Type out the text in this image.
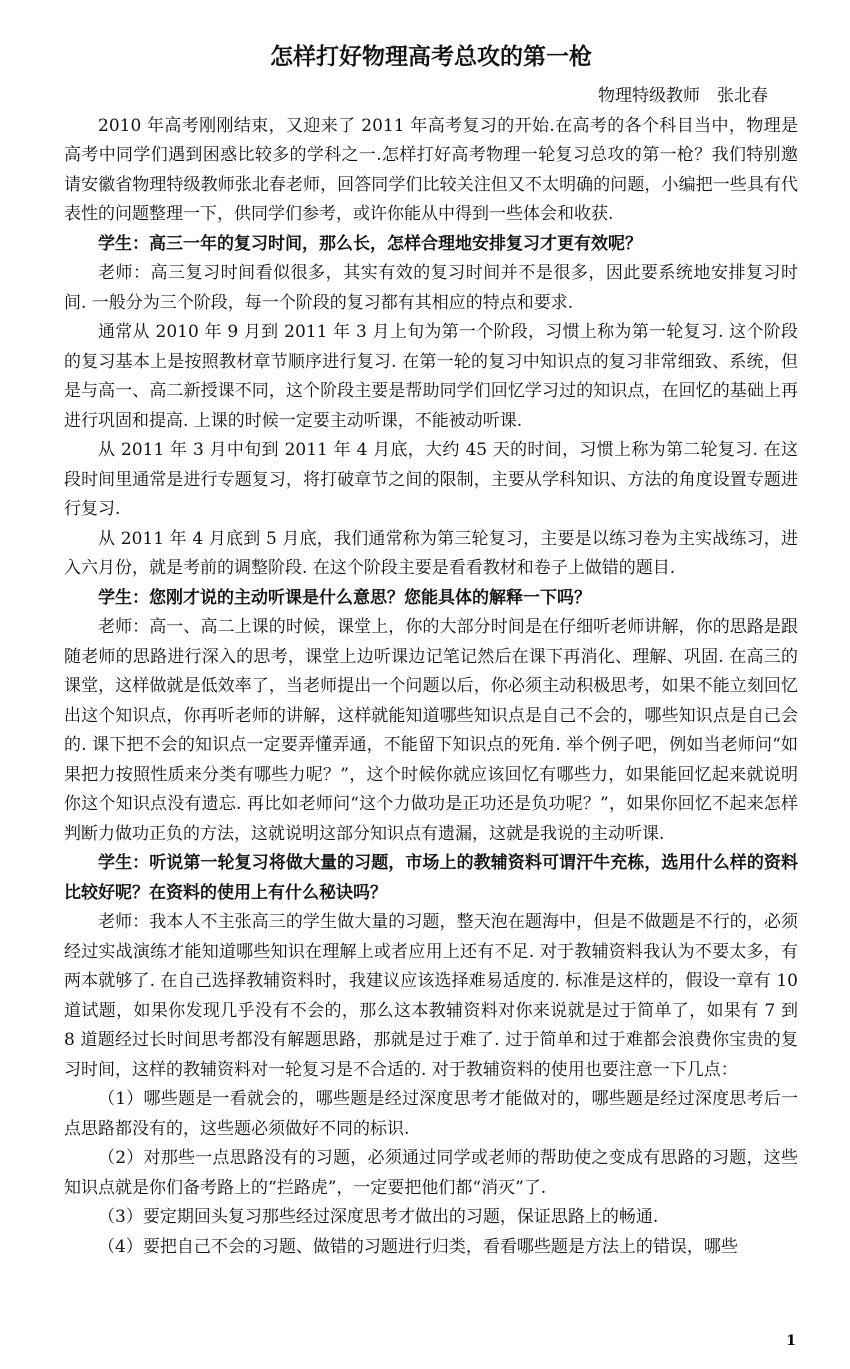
怎样打好物理高考总攻的第一枪

物理特级教师　张北春

2010 年高考刚刚结束，又迎来了 2011 年高考复习的开始.在高考的各个科目当中，物理是高考中同学们遇到困惑比较多的学科之一.怎样打好高考物理一轮复习总攻的第一枪？我们特别邀请安徽省物理特级教师张北春老师，回答同学们比较关注但又不太明确的问题，小编把一些具有代表性的问题整理一下，供同学们参考，或许你能从中得到一些体会和收获.

学生：高三一年的复习时间，那么长，怎样合理地安排复习才更有效呢？

老师：高三复习时间看似很多，其实有效的复习时间并不是很多，因此要系统地安排复习时间. 一般分为三个阶段，每一个阶段的复习都有其相应的特点和要求.

通常从 2010 年 9 月到 2011 年 3 月上旬为第一个阶段，习惯上称为第一轮复习. 这个阶段的复习基本上是按照教材章节顺序进行复习. 在第一轮的复习中知识点的复习非常细致、系统，但是与高一、高二新授课不同，这个阶段主要是帮助同学们回忆学习过的知识点，在回忆的基础上再进行巩固和提高. 上课的时候一定要主动听课，不能被动听课.

从 2011 年 3 月中旬到 2011 年 4 月底，大约 45 天的时间，习惯上称为第二轮复习. 在这段时间里通常是进行专题复习，将打破章节之间的限制，主要从学科知识、方法的角度设置专题进行复习.

从 2011 年 4 月底到 5 月底，我们通常称为第三轮复习，主要是以练习卷为主实战练习，进入六月份，就是考前的调整阶段. 在这个阶段主要是看看教材和卷子上做错的题目.

学生：您刚才说的主动听课是什么意思？您能具体的解释一下吗？

老师：高一、高二上课的时候，课堂上，你的大部分时间是在仔细听老师讲解，你的思路是跟随老师的思路进行深入的思考，课堂上边听课边记笔记然后在课下再消化、理解、巩固. 在高三的课堂，这样做就是低效率了，当老师提出一个问题以后，你必须主动积极思考，如果不能立刻回忆出这个知识点，你再听老师的讲解，这样就能知道哪些知识点是自己不会的，哪些知识点是自己会的. 课下把不会的知识点一定要弄懂弄通，不能留下知识点的死角. 举个例子吧，例如当老师问“如果把力按照性质来分类有哪些力呢？”，这个时候你就应该回忆有哪些力，如果能回忆起来就说明你这个知识点没有遗忘. 再比如老师问“这个力做功是正功还是负功呢？”，如果你回忆不起来怎样判断力做功正负的方法，这就说明这部分知识点有遗漏，这就是我说的主动听课.

学生：听说第一轮复习将做大量的习题，市场上的教辅资料可谓汗牛充栋，选用什么样的资料比较好呢？在资料的使用上有什么秘诀吗？

老师：我本人不主张高三的学生做大量的习题，整天泡在题海中，但是不做题是不行的，必须经过实战演练才能知道哪些知识在理解上或者应用上还有不足. 对于教辅资料我认为不要太多，有两本就够了. 在自己选择教辅资料时，我建议应该选择难易适度的. 标准是这样的，假设一章有 10 道试题，如果你发现几乎没有不会的，那么这本教辅资料对你来说就是过于简单了，如果有 7 到 8 道题经过长时间思考都没有解题思路，那就是过于难了. 过于简单和过于难都会浪费你宝贵的复习时间，这样的教辅资料对一轮复习是不合适的. 对于教辅资料的使用也要注意一下几点：

（1）哪些题是一看就会的，哪些题是经过深度思考才能做对的，哪些题是经过深度思考后一点思路都没有的，这些题必须做好不同的标识.

（2）对那些一点思路没有的习题，必须通过同学或老师的帮助使之变成有思路的习题，这些知识点就是你们备考路上的“拦路虎”，一定要把他们都“消灭”了.

（3）要定期回头复习那些经过深度思考才做出的习题，保证思路上的畅通.

（4）要把自己不会的习题、做错的习题进行归类，看看哪些题是方法上的错误，哪些

1
